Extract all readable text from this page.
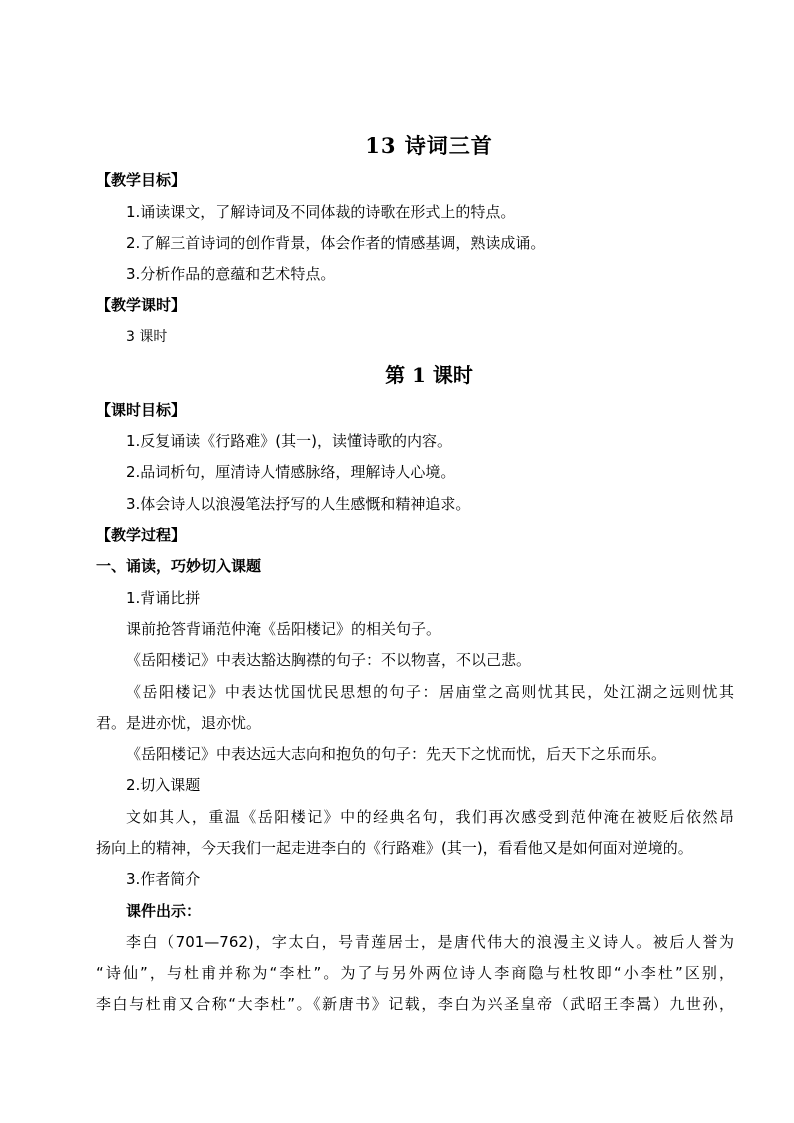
13 诗词三首
【教学目标】
1.诵读课文，了解诗词及不同体裁的诗歌在形式上的特点。
2.了解三首诗词的创作背景，体会作者的情感基调，熟读成诵。
3.分析作品的意蕴和艺术特点。
【教学课时】
3 课时
第 1 课时
【课时目标】
1.反复诵读《行路难》(其一)，读懂诗歌的内容。
2.品词析句，厘清诗人情感脉络，理解诗人心境。
3.体会诗人以浪漫笔法抒写的人生感慨和精神追求。
【教学过程】
一、诵读，巧妙切入课题
1.背诵比拼
课前抢答背诵范仲淹《岳阳楼记》的相关句子。
《岳阳楼记》中表达豁达胸襟的句子：不以物喜，不以己悲。
《岳阳楼记》中表达忧国忧民思想的句子：居庙堂之高则忧其民，处江湖之远则忧其
君。是进亦忧，退亦忧。
《岳阳楼记》中表达远大志向和抱负的句子：先天下之忧而忧，后天下之乐而乐。
2.切入课题
文如其人，重温《岳阳楼记》中的经典名句，我们再次感受到范仲淹在被贬后依然昂
扬向上的精神，今天我们一起走进李白的《行路难》(其一)，看看他又是如何面对逆境的。
3.作者简介
课件出示：
李白（701—762)，字太白，号青莲居士，是唐代伟大的浪漫主义诗人。被后人誉为
“诗仙”，与杜甫并称为“李杜”。为了与另外两位诗人李商隐与杜牧即“小李杜”区别，
李白与杜甫又合称“大李杜”。《新唐书》记载，李白为兴圣皇帝（武昭王李暠）九世孙，
